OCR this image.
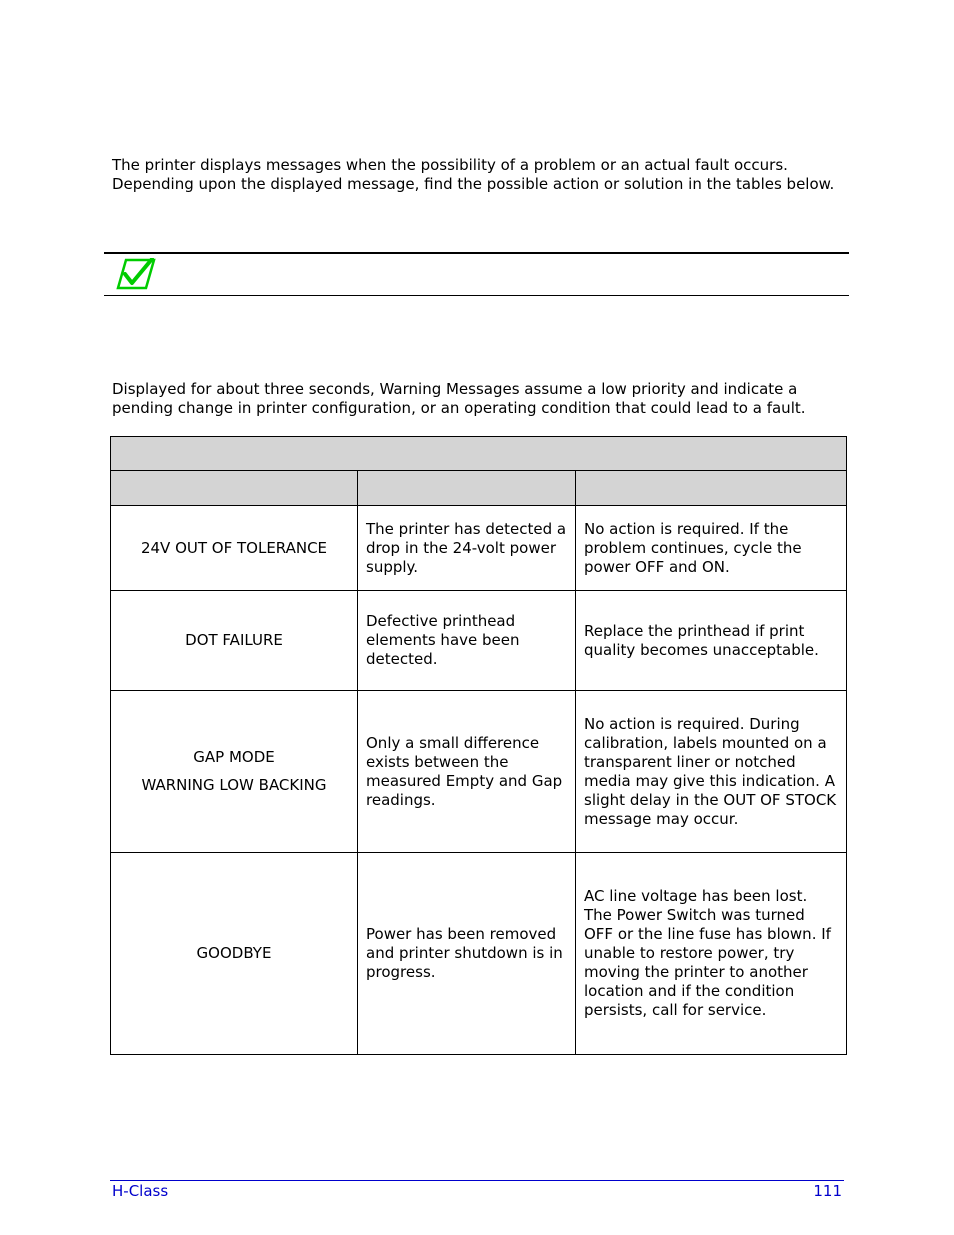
The printer displays messages when the possibility of a problem or an actual fault occurs. Depending upon the displayed message, find the possible action or solution in the tables below.

Displayed for about three seconds, Warning Messages assume a low priority and indicate a pending change in printer configuration, or an operating condition that could lead to a fault.

24V OUT OF TOLERANCE	The printer has detected a drop in the 24-volt power supply.	No action is required. If the problem continues, cycle the power OFF and ON.

DOT FAILURE	Defective printhead elements have been detected.	Replace the printhead if print quality becomes unacceptable.

GAP MODE
WARNING LOW BACKING	Only a small difference exists between the measured Empty and Gap readings.	No action is required. During calibration, labels mounted on a transparent liner or notched media may give this indication. A slight delay in the OUT OF STOCK message may occur.

GOODBYE	Power has been removed and printer shutdown is in progress.	AC line voltage has been lost. The Power Switch was turned OFF or the line fuse has blown. If unable to restore power, try moving the printer to another location and if the condition persists, call for service.
H-Class	111
